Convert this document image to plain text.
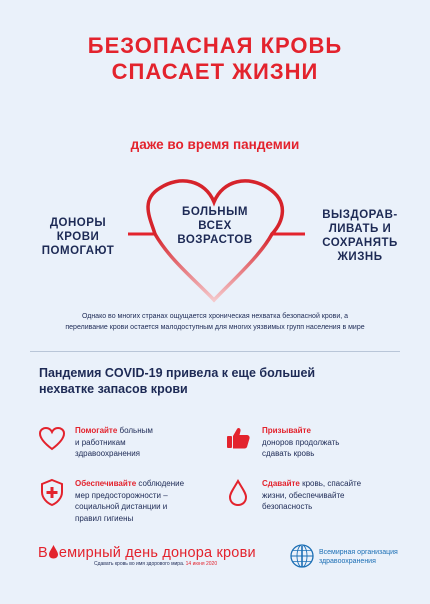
БЕЗОПАСНАЯ КРОВЬ
СПАСАЕТ ЖИЗНИ
даже во время пандемии
ДОНОРЫ
КРОВИ
ПОМОГАЮТ
БОЛЬНЫМ
ВСЕХ
ВОЗРАСТОВ
ВЫЗДОРАВ-
ЛИВАТЬ И
СОХРАНЯТЬ
ЖИЗНЬ
Однако во многих странах ощущается хроническая нехватка безопасной крови, а
переливание крови остается малодоступным для многих уязвимых групп населения в мире
Пандемия COVID-19 привела к еще большей
нехватке запасов крови
Помогайте больным
и работникам
здравоохранения
Призывайте
доноров продолжать
сдавать кровь
Обеспечивайте соблюдение
мер предосторожности –
социальной дистанции и
правил гигиены
Сдавайте кровь, спасайте
жизни, обеспечивайте
безопасность
В емирный день донора крови
Сдавать кровь во имя здорового мира. 14 июня 2020
Всемирная организация
здравоохранения
